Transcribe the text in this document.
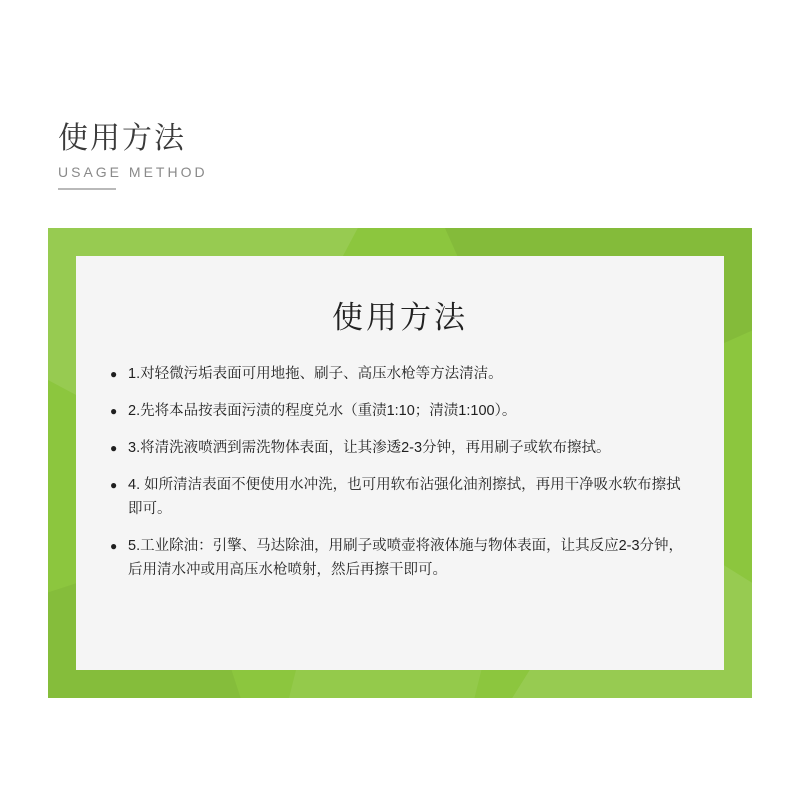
使用方法
USAGE METHOD
使用方法
● 1.对轻微污垢表面可用地拖、刷子、高压水枪等方法清洁。
● 2.先将本品按表面污渍的程度兑水（重渍1:10；清渍1:100）。
● 3.将清洗液喷洒到需洗物体表面，让其渗透2-3分钟，再用刷子或软布擦拭。
● 4. 如所清洁表面不便使用水冲洗，也可用软布沾强化油剂擦拭，再用干净吸水软布擦拭即可。
● 5.工业除油：引擎、马达除油，用刷子或喷壶将液体施与物体表面，让其反应2-3分钟，后用清水冲或用高压水枪喷射，然后再擦干即可。
